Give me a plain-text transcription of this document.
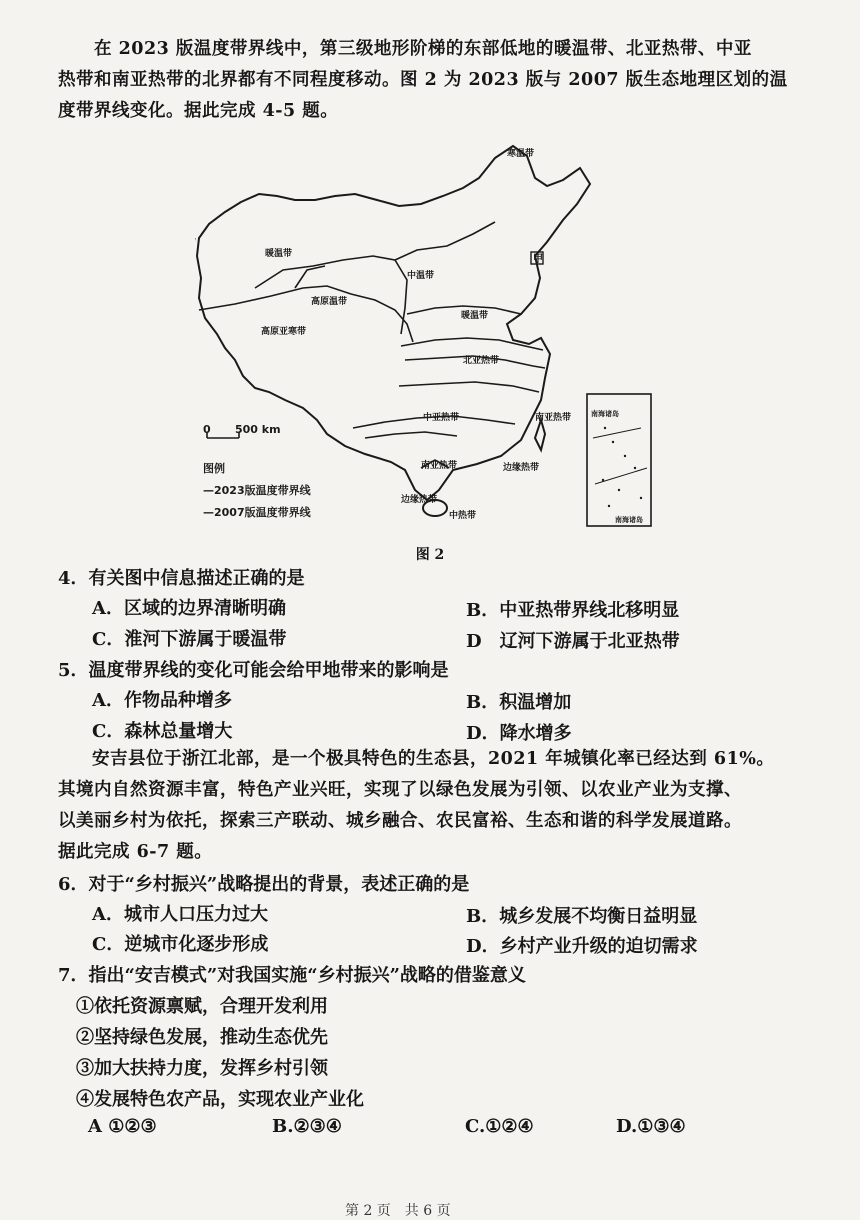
在 2023 版温度带界线中，第三级地形阶梯的东部低地的暖温带、北亚热带、中亚
热带和南亚热带的北界都有不同程度移动。图 2 为 2023 版与 2007 版生态地理区划的温
度带界线变化。据此完成 4-5 题。
寒温带
暖温带
中温带
高原温带
高原亚寒带
暖温带
北亚热带
中亚热带	南亚热带
南亚热带	边缘热带
边缘热带
中热带
甲
南海诸岛
南海诸岛
0 500 km
图例
—2023版温度带界线
—2007版温度带界线
图 2
4．有关图中信息描述正确的是
A．区域的边界清晰明确	B．中亚热带界线北移明显
C．淮河下游属于暖温带	D　辽河下游属于北亚热带
5．温度带界线的变化可能会给甲地带来的影响是
A．作物品种增多	B．积温增加
C．森林总量增大	D．降水增多
安吉县位于浙江北部，是一个极具特色的生态县，2021 年城镇化率已经达到 61%。
其境内自然资源丰富，特色产业兴旺，实现了以绿色发展为引领、以农业产业为支撑、
以美丽乡村为依托，探索三产联动、城乡融合、农民富裕、生态和谐的科学发展道路。
据此完成 6-7 题。
6．对于“乡村振兴”战略提出的背景，表述正确的是
A．城市人口压力过大	B．城乡发展不均衡日益明显
C．逆城市化逐步形成	D．乡村产业升级的迫切需求
7．指出“安吉模式”对我国实施“乡村振兴”战略的借鉴意义
①依托资源禀赋，合理开发利用
②坚持绿色发展，推动生态优先
③加大扶持力度，发挥乡村引领
④发展特色农产品，实现农业产业化
A ①②③	B.②③④	C.①②④	D.①③④
第 2 页　共 6 页
